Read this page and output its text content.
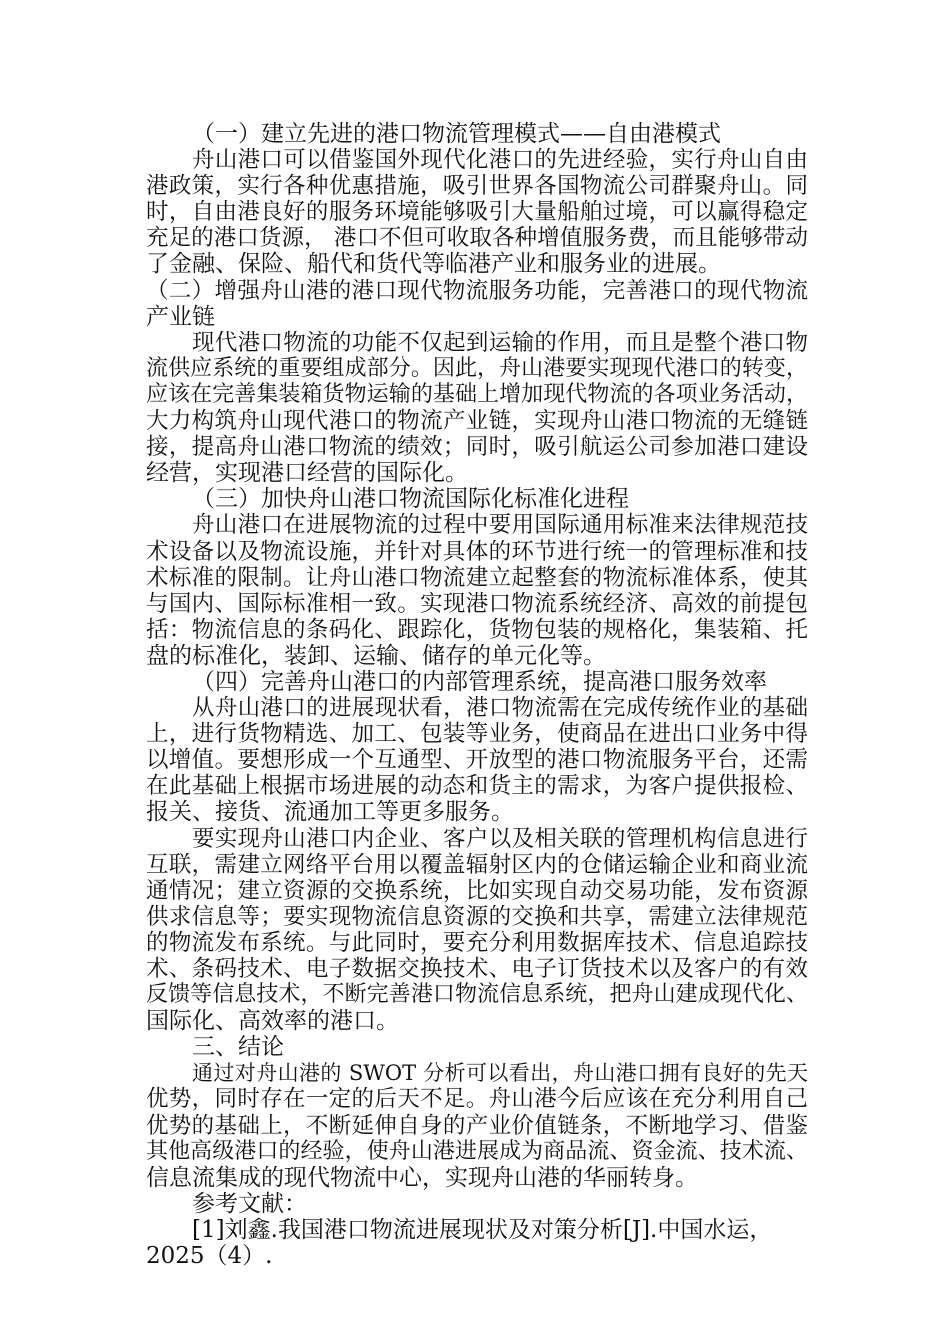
（一）建立先进的港口物流管理模式——自由港模式
舟山港口可以借鉴国外现代化港口的先进经验，实行舟山自由
港政策，实行各种优惠措施，吸引世界各国物流公司群聚舟山。同
时，自由港良好的服务环境能够吸引大量船舶过境，可以赢得稳定
充足的港口货源， 港口不但可收取各种增值服务费，而且能够带动
了金融、保险、船代和货代等临港产业和服务业的进展。
（二）增强舟山港的港口现代物流服务功能，完善港口的现代物流
产业链
现代港口物流的功能不仅起到运输的作用，而且是整个港口物
流供应系统的重要组成部分。因此，舟山港要实现现代港口的转变，
应该在完善集装箱货物运输的基础上增加现代物流的各项业务活动，
大力构筑舟山现代港口的物流产业链，实现舟山港口物流的无缝链
接，提高舟山港口物流的绩效；同时，吸引航运公司参加港口建设
经营，实现港口经营的国际化。
（三）加快舟山港口物流国际化标准化进程
舟山港口在进展物流的过程中要用国际通用标准来法律规范技
术设备以及物流设施，并针对具体的环节进行统一的管理标准和技
术标准的限制。让舟山港口物流建立起整套的物流标准体系，使其
与国内、国际标准相一致。实现港口物流系统经济、高效的前提包
括：物流信息的条码化、跟踪化，货物包装的规格化，集装箱、托
盘的标准化，装卸、运输、储存的单元化等。
（四）完善舟山港口的内部管理系统，提高港口服务效率
从舟山港口的进展现状看，港口物流需在完成传统作业的基础
上，进行货物精选、加工、包装等业务，使商品在进出口业务中得
以增值。要想形成一个互通型、开放型的港口物流服务平台，还需
在此基础上根据市场进展的动态和货主的需求，为客户提供报检、
报关、接货、流通加工等更多服务。
要实现舟山港口内企业、客户以及相关联的管理机构信息进行
互联，需建立网络平台用以覆盖辐射区内的仓储运输企业和商业流
通情况；建立资源的交换系统，比如实现自动交易功能，发布资源
供求信息等；要实现物流信息资源的交换和共享，需建立法律规范
的物流发布系统。与此同时，要充分利用数据库技术、信息追踪技
术、条码技术、电子数据交换技术、电子订货技术以及客户的有效
反馈等信息技术，不断完善港口物流信息系统，把舟山建成现代化、
国际化、高效率的港口。
三、结论
通过对舟山港的 SWOT 分析可以看出，舟山港口拥有良好的先天
优势，同时存在一定的后天不足。舟山港今后应该在充分利用自己
优势的基础上，不断延伸自身的产业价值链条，不断地学习、借鉴
其他高级港口的经验，使舟山港进展成为商品流、资金流、技术流、
信息流集成的现代物流中心，实现舟山港的华丽转身。
参考文献：
[1]刘鑫.我国港口物流进展现状及对策分析[J].中国水运，
2025（4）.
